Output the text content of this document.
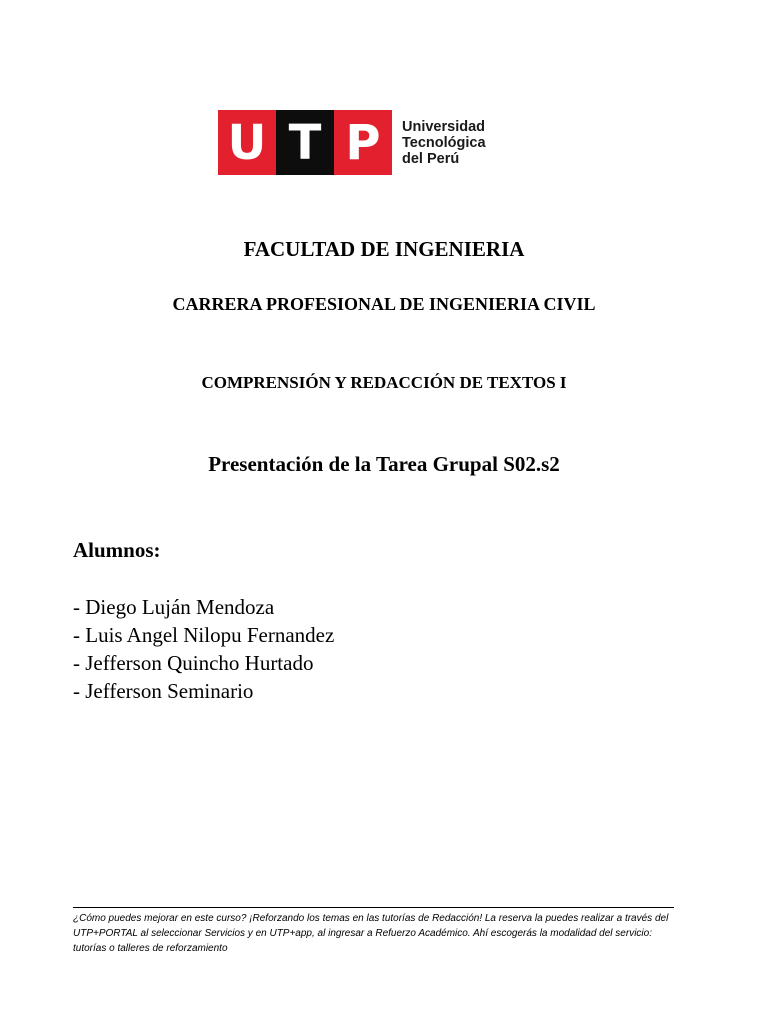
U T P	Universidad
Tecnológica
del Perú
FACULTAD DE INGENIERIA
CARRERA PROFESIONAL DE INGENIERIA CIVIL
COMPRENSIÓN Y REDACCIÓN DE TEXTOS I
Presentación de la Tarea Grupal S02.s2
Alumnos:
- Diego Luján Mendoza
- Luis Angel Nilopu Fernandez
- Jefferson Quincho Hurtado
- Jefferson Seminario
¿Cómo puedes mejorar en este curso? ¡Reforzando los temas en las tutorías de Redacción! La reserva la puedes realizar a través del UTP+PORTAL al seleccionar Servicios y en UTP+app, al ingresar a Refuerzo Académico. Ahí escogerás la modalidad del servicio: tutorías o talleres de reforzamiento
